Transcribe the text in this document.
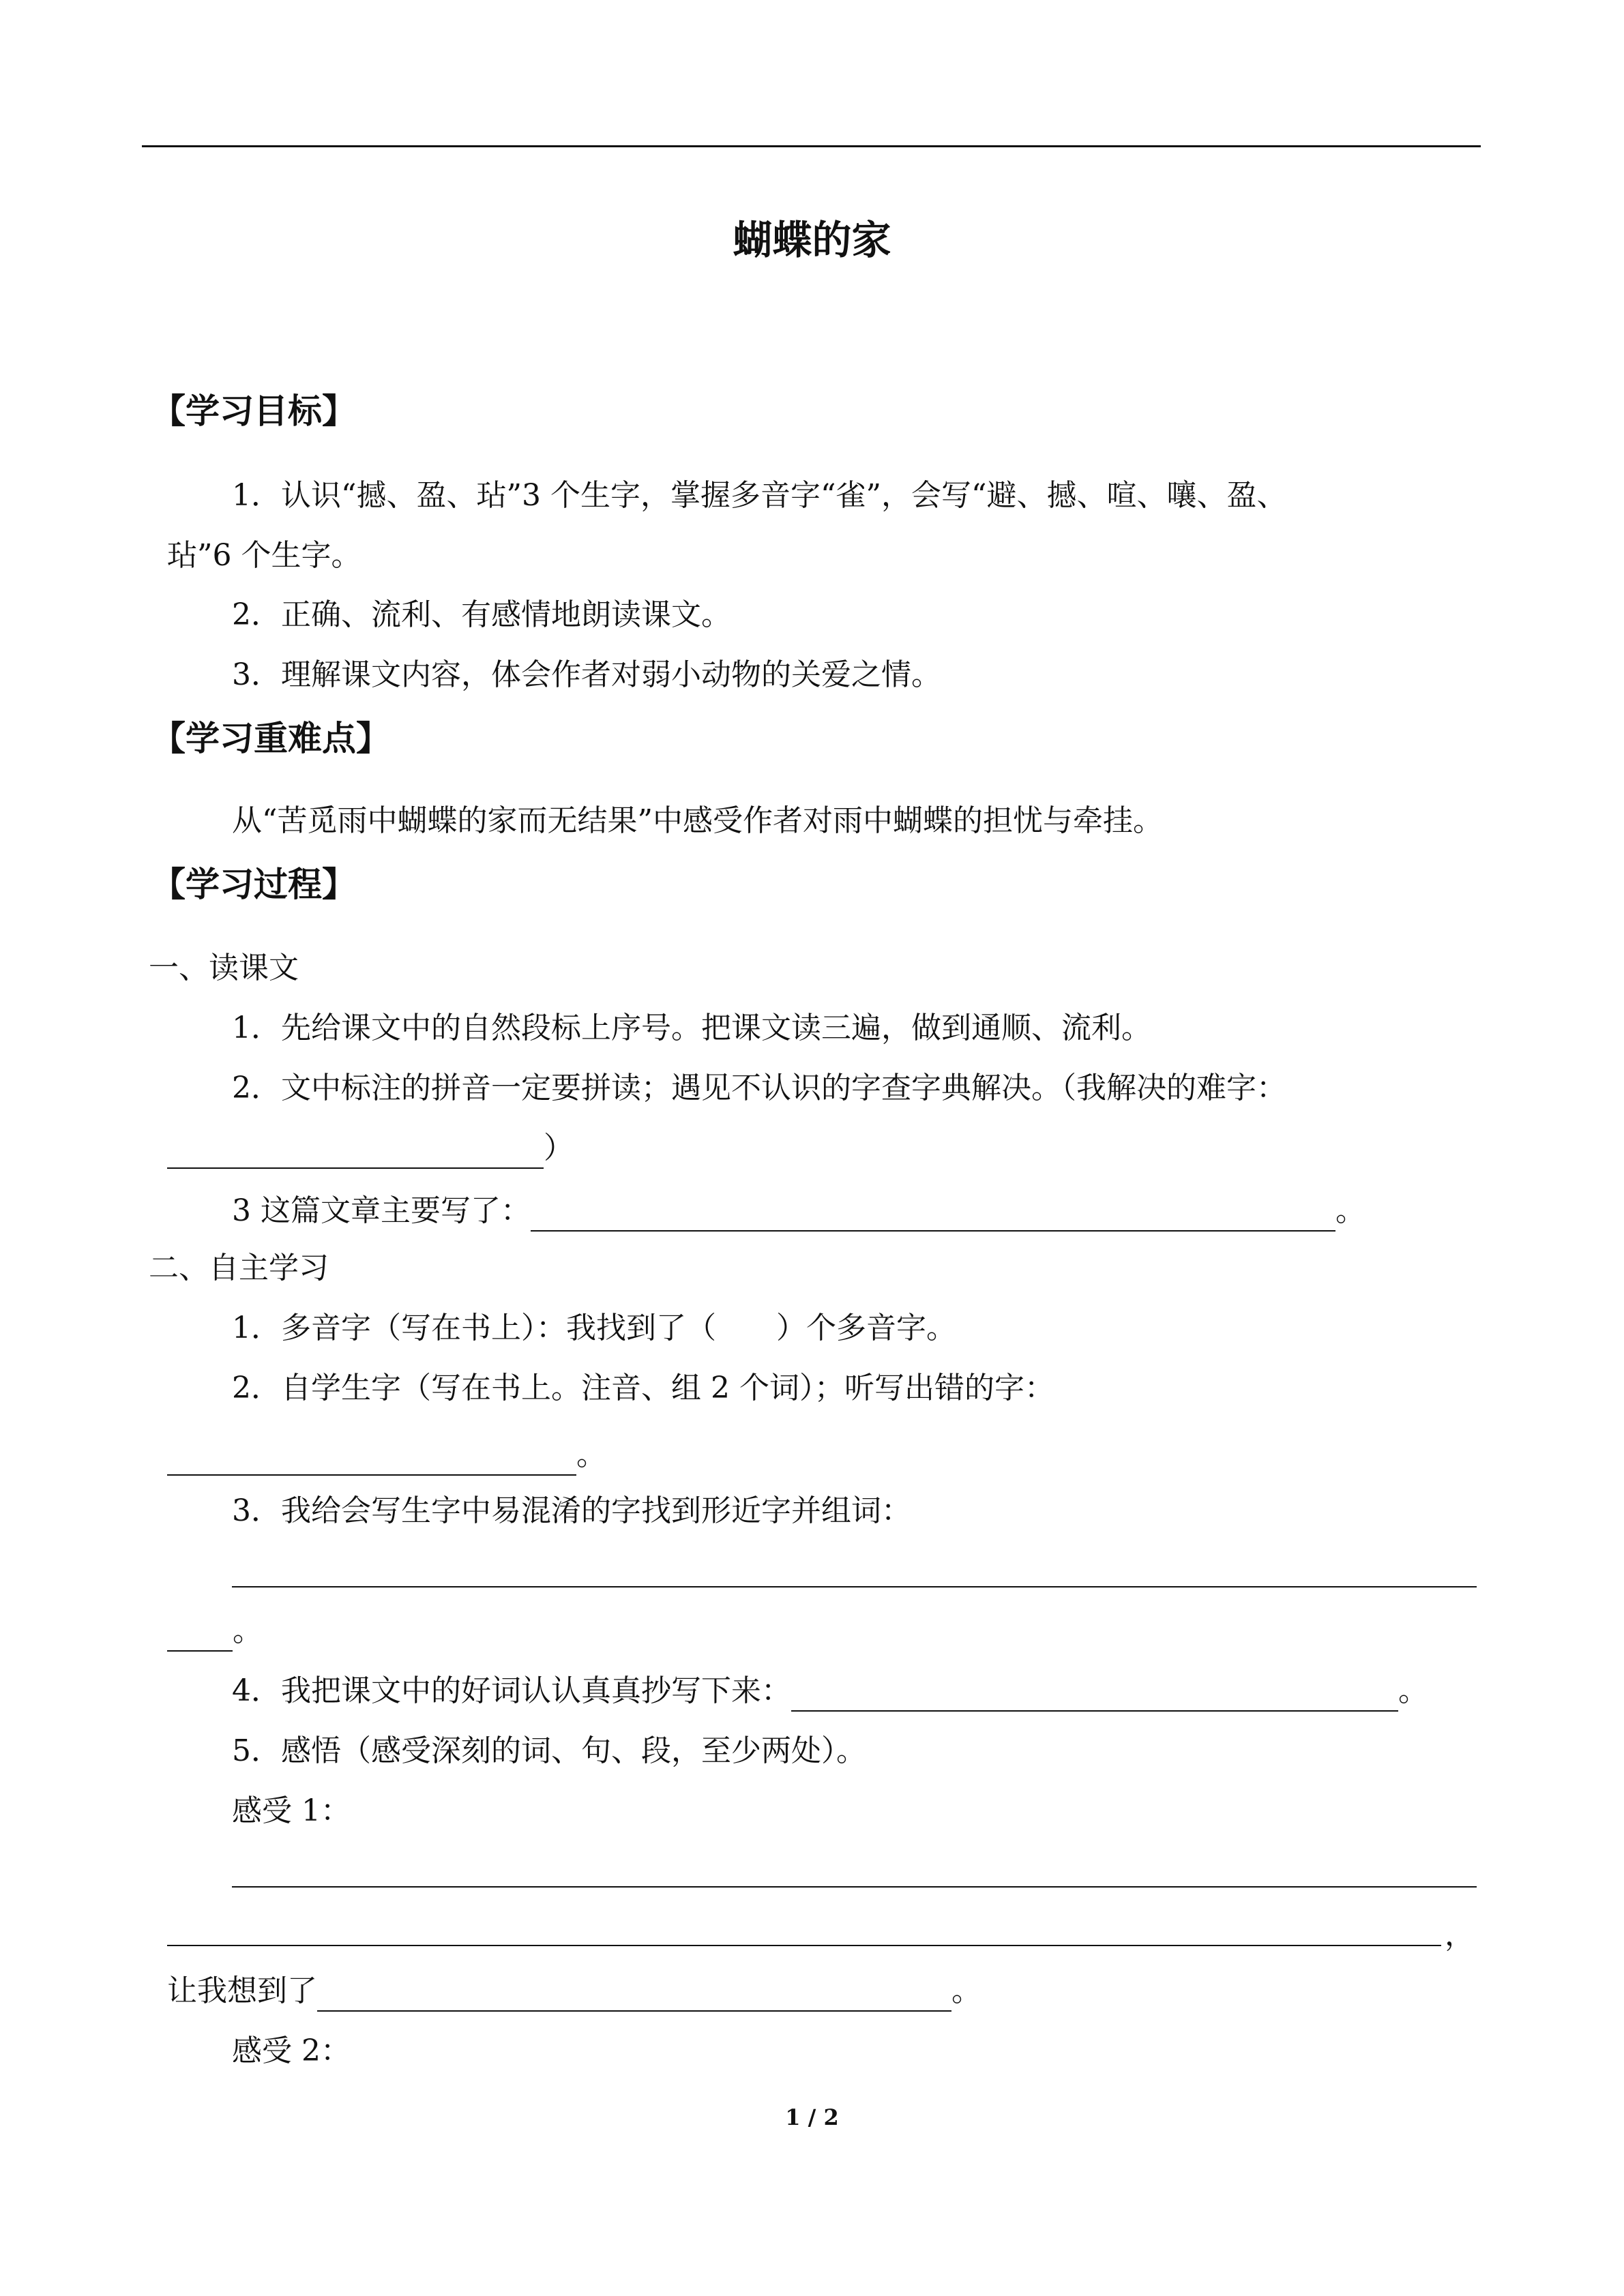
蝴蝶的家
【学习目标】
1．认识“撼、盈、玷”3 个生字，掌握多音字“雀”，会写“避、撼、喧、嚷、盈、
玷”6 个生字。
2．正确、流利、有感情地朗读课文。
3．理解课文内容，体会作者对弱小动物的关爱之情。
【学习重难点】
从“苦觅雨中蝴蝶的家而无结果”中感受作者对雨中蝴蝶的担忧与牵挂。
【学习过程】
一、读课文
1．先给课文中的自然段标上序号。把课文读三遍，做到通顺、流利。
2．文中标注的拼音一定要拼读；遇见不认识的字查字典解决。（我解决的难字：
）
3 这篇文章主要写了：	。
二、自主学习
1．多音字（写在书上）：我找到了（　　）个多音字。
2．自学生字（写在书上。注音、组 2 个词）；听写出错的字：
。
3．我给会写生字中易混淆的字找到形近字并组词：
。
4．我把课文中的好词认认真真抄写下来：	。
5．感悟（感受深刻的词、句、段，至少两处）。
感受 1：
，
让我想到了	。
感受 2：
1 / 2
